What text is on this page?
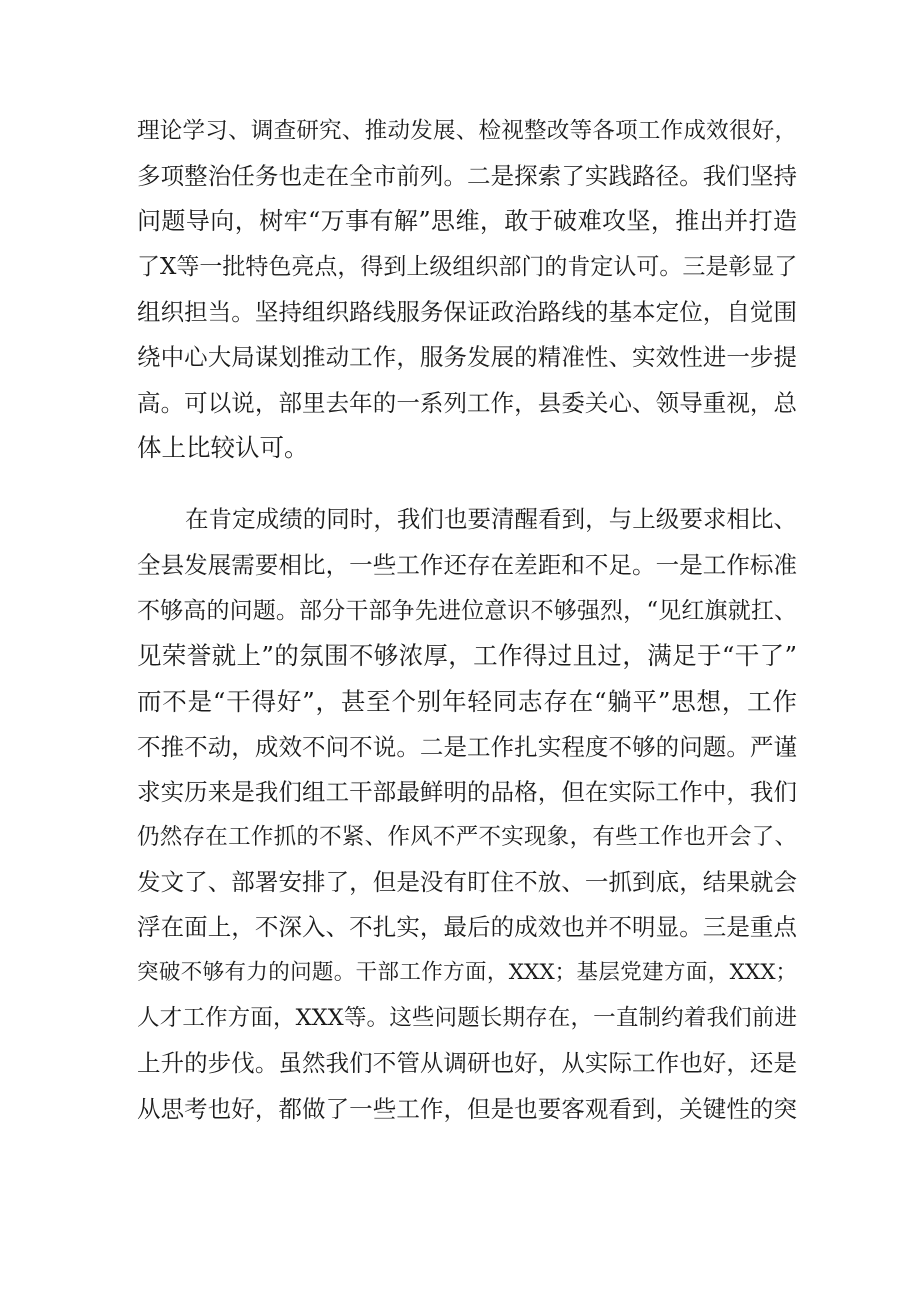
理论学习、调查研究、推动发展、检视整改等各项工作成效很好，
多项整治任务也走在全市前列。二是探索了实践路径。我们坚持
问题导向，树牢“万事有解”思维，敢于破难攻坚，推出并打造
了X等一批特色亮点，得到上级组织部门的肯定认可。三是彰显了
组织担当。坚持组织路线服务保证政治路线的基本定位，自觉围
绕中心大局谋划推动工作，服务发展的精准性、实效性进一步提
高。可以说，部里去年的一系列工作，县委关心、领导重视，总
体上比较认可。
在肯定成绩的同时，我们也要清醒看到，与上级要求相比、
全县发展需要相比，一些工作还存在差距和不足。一是工作标准
不够高的问题。部分干部争先进位意识不够强烈，“见红旗就扛、
见荣誉就上”的氛围不够浓厚，工作得过且过，满足于“干了”
而不是“干得好”，甚至个别年轻同志存在“躺平”思想，工作
不推不动，成效不问不说。二是工作扎实程度不够的问题。严谨
求实历来是我们组工干部最鲜明的品格，但在实际工作中，我们
仍然存在工作抓的不紧、作风不严不实现象，有些工作也开会了、
发文了、部署安排了，但是没有盯住不放、一抓到底，结果就会
浮在面上，不深入、不扎实，最后的成效也并不明显。三是重点
突破不够有力的问题。干部工作方面，XXX；基层党建方面，XXX；
人才工作方面，XXX等。这些问题长期存在，一直制约着我们前进
上升的步伐。虽然我们不管从调研也好，从实际工作也好，还是
从思考也好，都做了一些工作，但是也要客观看到，关键性的突
